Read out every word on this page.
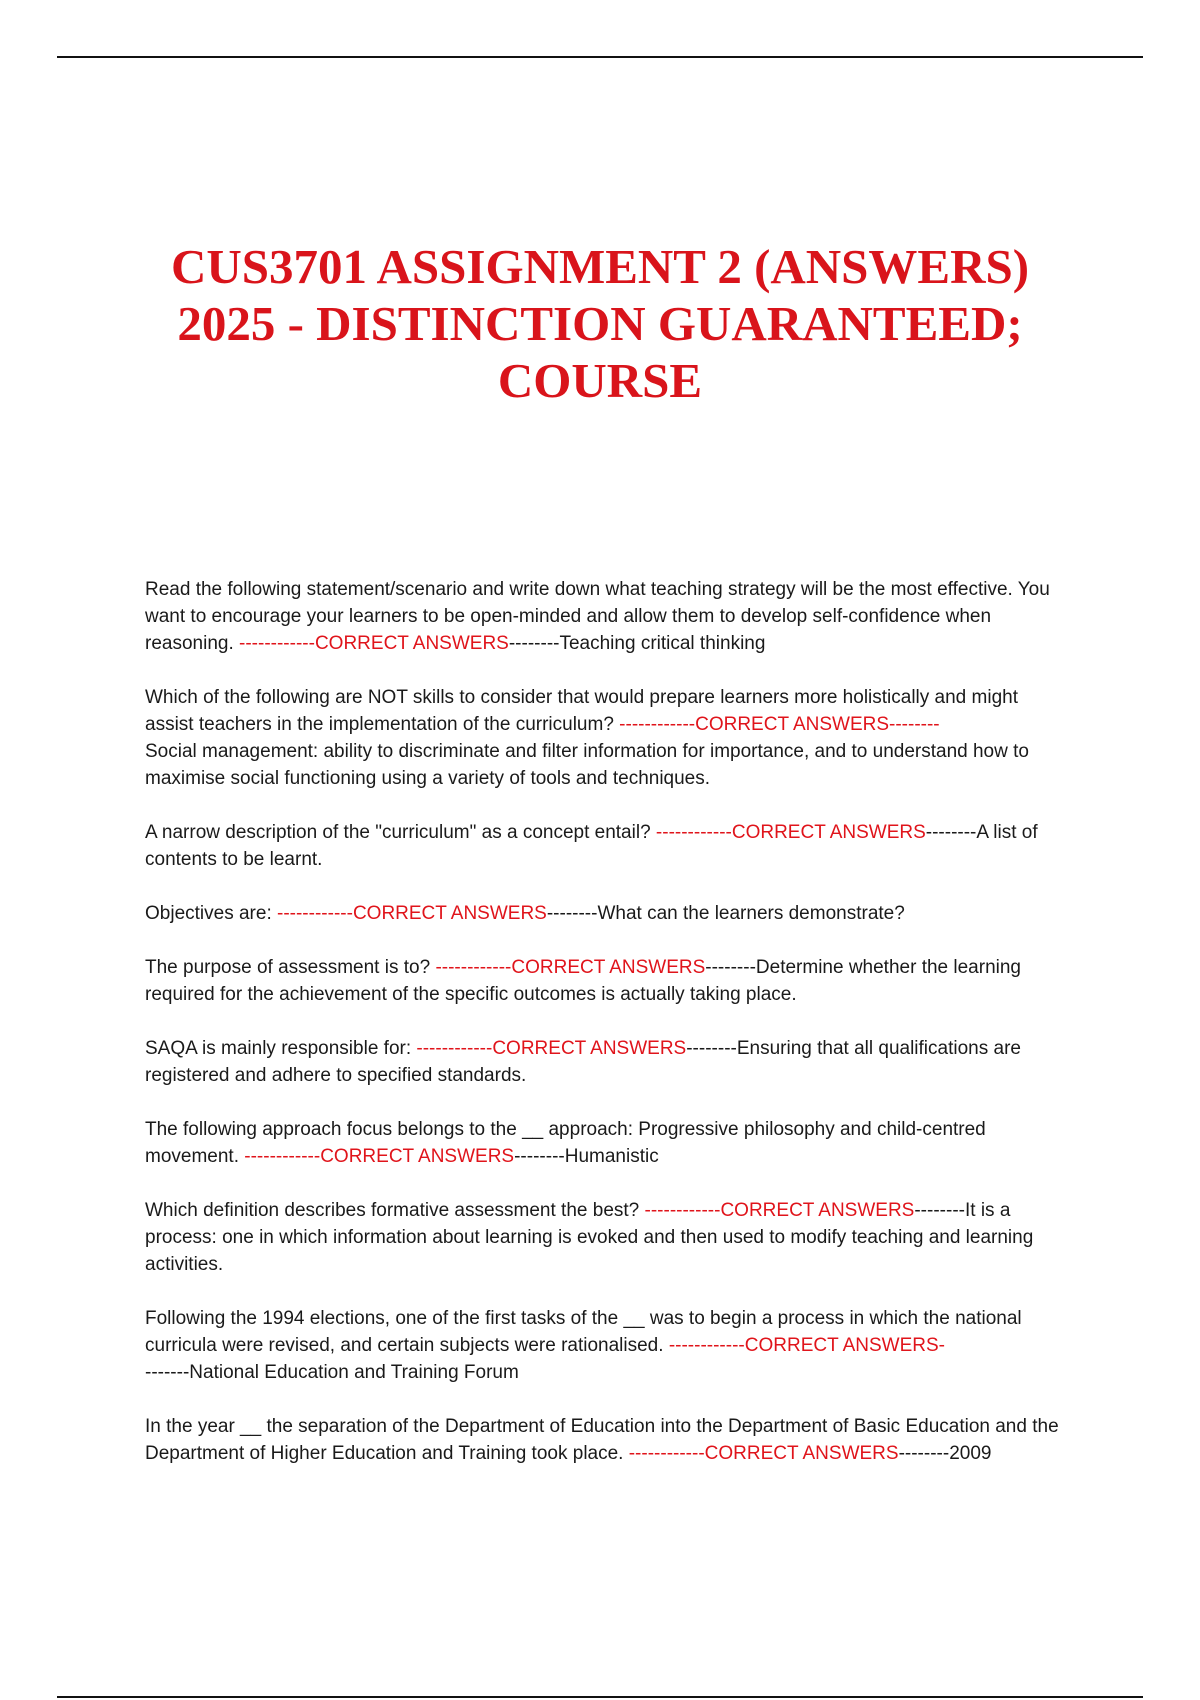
CUS3701 ASSIGNMENT 2 (ANSWERS) 2025 - DISTINCTION GUARANTEED; COURSE

Read the following statement/scenario and write down what teaching strategy will be the most effective. You want to encourage your learners to be open-minded and allow them to develop self-confidence when reasoning. ------------CORRECT ANSWERS--------Teaching critical thinking

Which of the following are NOT skills to consider that would prepare learners more holistically and might assist teachers in the implementation of the curriculum? ------------CORRECT ANSWERS--------
Social management: ability to discriminate and filter information for importance, and to understand how to maximise social functioning using a variety of tools and techniques.

A narrow description of the "curriculum" as a concept entail? ------------CORRECT ANSWERS--------A list of contents to be learnt.

Objectives are: ------------CORRECT ANSWERS--------What can the learners demonstrate?

The purpose of assessment is to? ------------CORRECT ANSWERS--------Determine whether the learning required for the achievement of the specific outcomes is actually taking place.

SAQA is mainly responsible for: ------------CORRECT ANSWERS--------Ensuring that all qualifications are registered and adhere to specified standards.

The following approach focus belongs to the __ approach: Progressive philosophy and child-centred movement. ------------CORRECT ANSWERS--------Humanistic

Which definition describes formative assessment the best? ------------CORRECT ANSWERS--------It is a process: one in which information about learning is evoked and then used to modify teaching and learning activities.

Following the 1994 elections, one of the first tasks of the __ was to begin a process in which the national curricula were revised, and certain subjects were rationalised. ------------CORRECT ANSWERS-
-------National Education and Training Forum

In the year __ the separation of the Department of Education into the Department of Basic Education and the Department of Higher Education and Training took place. ------------CORRECT ANSWERS--------2009
